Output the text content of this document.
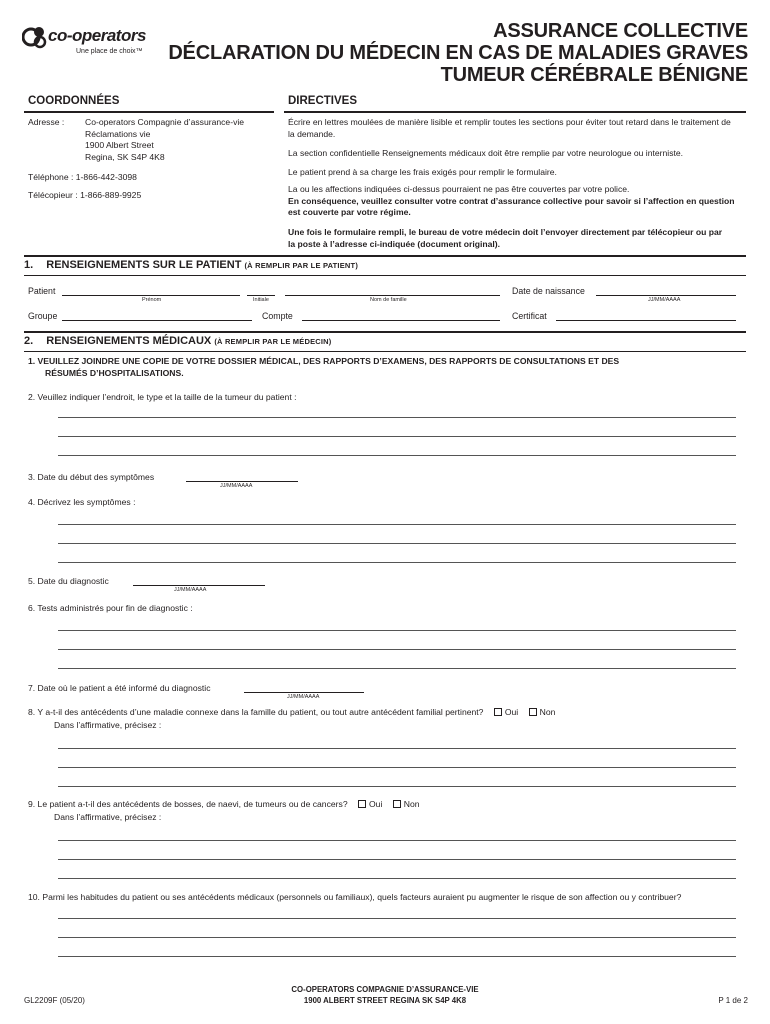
co-operators
Une place de choix™
ASSURANCE COLLECTIVE
DÉCLARATION DU MÉDECIN EN CAS DE MALADIES GRAVES
TUMEUR CÉRÉBRALE BÉNIGNE
COORDONNÉES	DIRECTIVES
Adresse : Co-operators Compagnie d’assurance-vie
Réclamations vie
1900 Albert Street
Regina, SK S4P 4K8
Téléphone : 1-866-442-3098
Télécopieur : 1-866-889-9925
Écrire en lettres moulées de manière lisible et remplir toutes les sections pour éviter tout retard dans le traitement de la demande.
La section confidentielle Renseignements médicaux doit être remplie par votre neurologue ou interniste.
Le patient prend à sa charge les frais exigés pour remplir le formulaire.
La ou les affections indiquées ci-dessus pourraient ne pas être couvertes par votre police.
En conséquence, veuillez consulter votre contrat d’assurance collective pour savoir si l’affection en question est couverte par votre régime.
Une fois le formulaire rempli, le bureau de votre médecin doit l’envoyer directement par télécopieur ou par la poste à l’adresse ci-indiquée (document original).
1. RENSEIGNEMENTS SUR LE PATIENT (À REMPLIR PAR LE PATIENT)
Patient
Prénom	Initiale	Nom de famille
Date de naissance
JJ/MM/AAAA
Groupe	Compte	Certificat
2. RENSEIGNEMENTS MÉDICAUX (À REMPLIR PAR LE MÉDECIN)
1. VEUILLEZ JOINDRE UNE COPIE DE VOTRE DOSSIER MÉDICAL, DES RAPPORTS D’EXAMENS, DES RAPPORTS DE CONSULTATIONS ET DES
RÉSUMÉS D’HOSPITALISATIONS.
2. Veuillez indiquer l’endroit, le type et la taille de la tumeur du patient :
3. Date du début des symptômes
JJ/MM/AAAA
4. Décrivez les symptômes :
5. Date du diagnostic
JJ/MM/AAAA
6. Tests administrés pour fin de diagnostic :
7. Date où le patient a été informé du diagnostic
JJ/MM/AAAA
8. Y a-t-il des antécédents d’une maladie connexe dans la famille du patient, ou tout autre antécédent familial pertinent? Oui Non
Dans l’affirmative, précisez :
9. Le patient a-t-il des antécédents de bosses, de naevi, de tumeurs ou de cancers? Oui Non
Dans l’affirmative, précisez :
10. Parmi les habitudes du patient ou ses antécédents médicaux (personnels ou familiaux), quels facteurs auraient pu augmenter le risque de son affection ou y contribuer?
GL2209F (05/20)
CO-OPERATORS COMPAGNIE D’ASSURANCE-VIE
1900 ALBERT STREET REGINA SK S4P 4K8	P 1 de 2
